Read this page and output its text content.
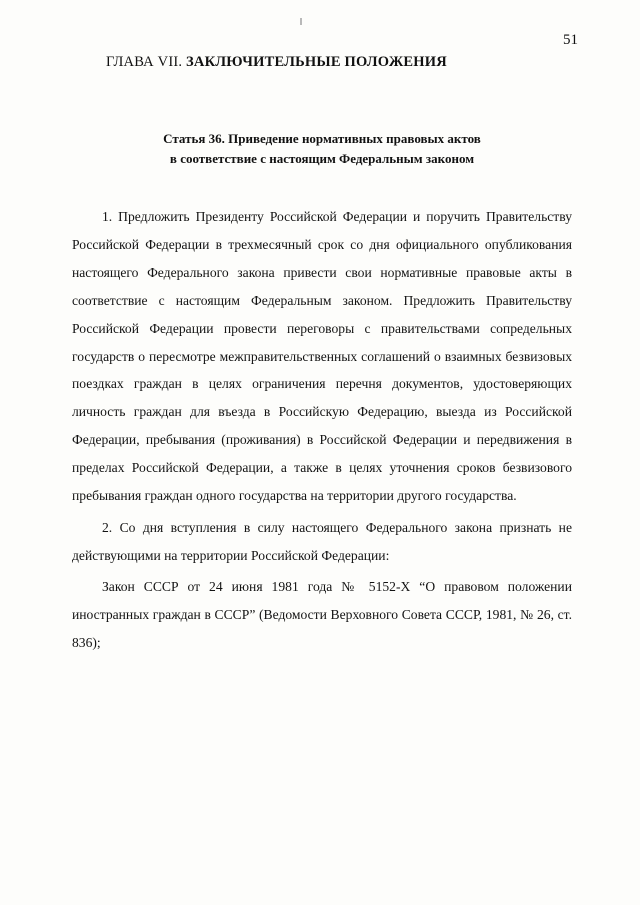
51
ГЛАВА VII. ЗАКЛЮЧИТЕЛЬНЫЕ ПОЛОЖЕНИЯ
Статья 36. Приведение нормативных правовых актов
в соответствие с настоящим Федеральным законом

1. Предложить Президенту Российской Федерации и поручить Правительству Российской Федерации в трехмесячный срок со дня официального опубликования настоящего Федерального закона привести свои нормативные правовые акты в соответствие с настоящим Федеральным законом. Предложить Правительству Российской Федерации провести переговоры с правительствами сопредельных государств о пересмотре межправительственных соглашений о взаимных безвизовых поездках граждан в целях ограничения перечня документов, удостоверяющих личность граждан для въезда в Российскую Федерацию, выезда из Российской Федерации, пребывания (проживания) в Российской Федерации и передвижения в пределах Российской Федерации, а также в целях уточнения сроков безвизового пребывания граждан одного государства на территории другого государства.

2. Со дня вступления в силу настоящего Федерального закона признать не действующими на территории Российской Федерации:

Закон СССР от 24 июня 1981 года № 5152-Х “О правовом положении иностранных граждан в СССР” (Ведомости Верховного Совета СССР, 1981, № 26, ст. 836);
